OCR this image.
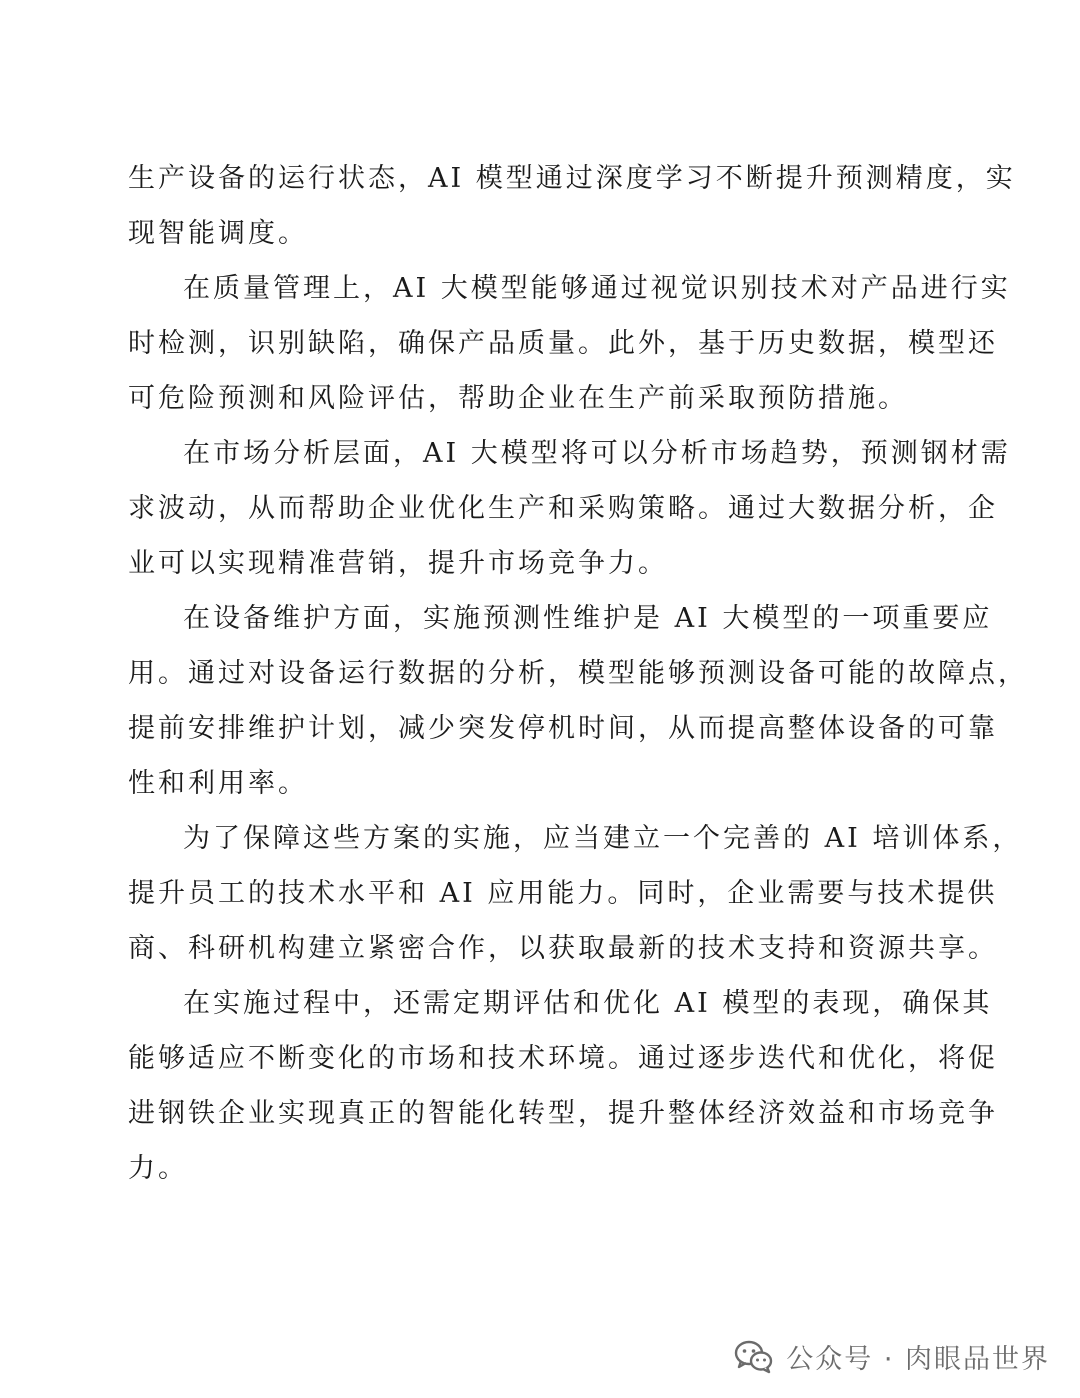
生产设备的运行状态，AI 模型通过深度学习不断提升预测精度，实
现智能调度。
在质量管理上，AI 大模型能够通过视觉识别技术对产品进行实
时检测，识别缺陷，确保产品质量。此外，基于历史数据，模型还
可危险预测和风险评估，帮助企业在生产前采取预防措施。
在市场分析层面，AI 大模型将可以分析市场趋势，预测钢材需
求波动，从而帮助企业优化生产和采购策略。通过大数据分析，企
业可以实现精准营销，提升市场竞争力。
在设备维护方面，实施预测性维护是 AI 大模型的一项重要应
用。通过对设备运行数据的分析，模型能够预测设备可能的故障点，
提前安排维护计划，减少突发停机时间，从而提高整体设备的可靠
性和利用率。
为了保障这些方案的实施，应当建立一个完善的 AI 培训体系，
提升员工的技术水平和 AI 应用能力。同时，企业需要与技术提供
商、科研机构建立紧密合作，以获取最新的技术支持和资源共享。
在实施过程中，还需定期评估和优化 AI 模型的表现，确保其
能够适应不断变化的市场和技术环境。通过逐步迭代和优化，将促
进钢铁企业实现真正的智能化转型，提升整体经济效益和市场竞争
力。
公众号 · 肉眼品世界
